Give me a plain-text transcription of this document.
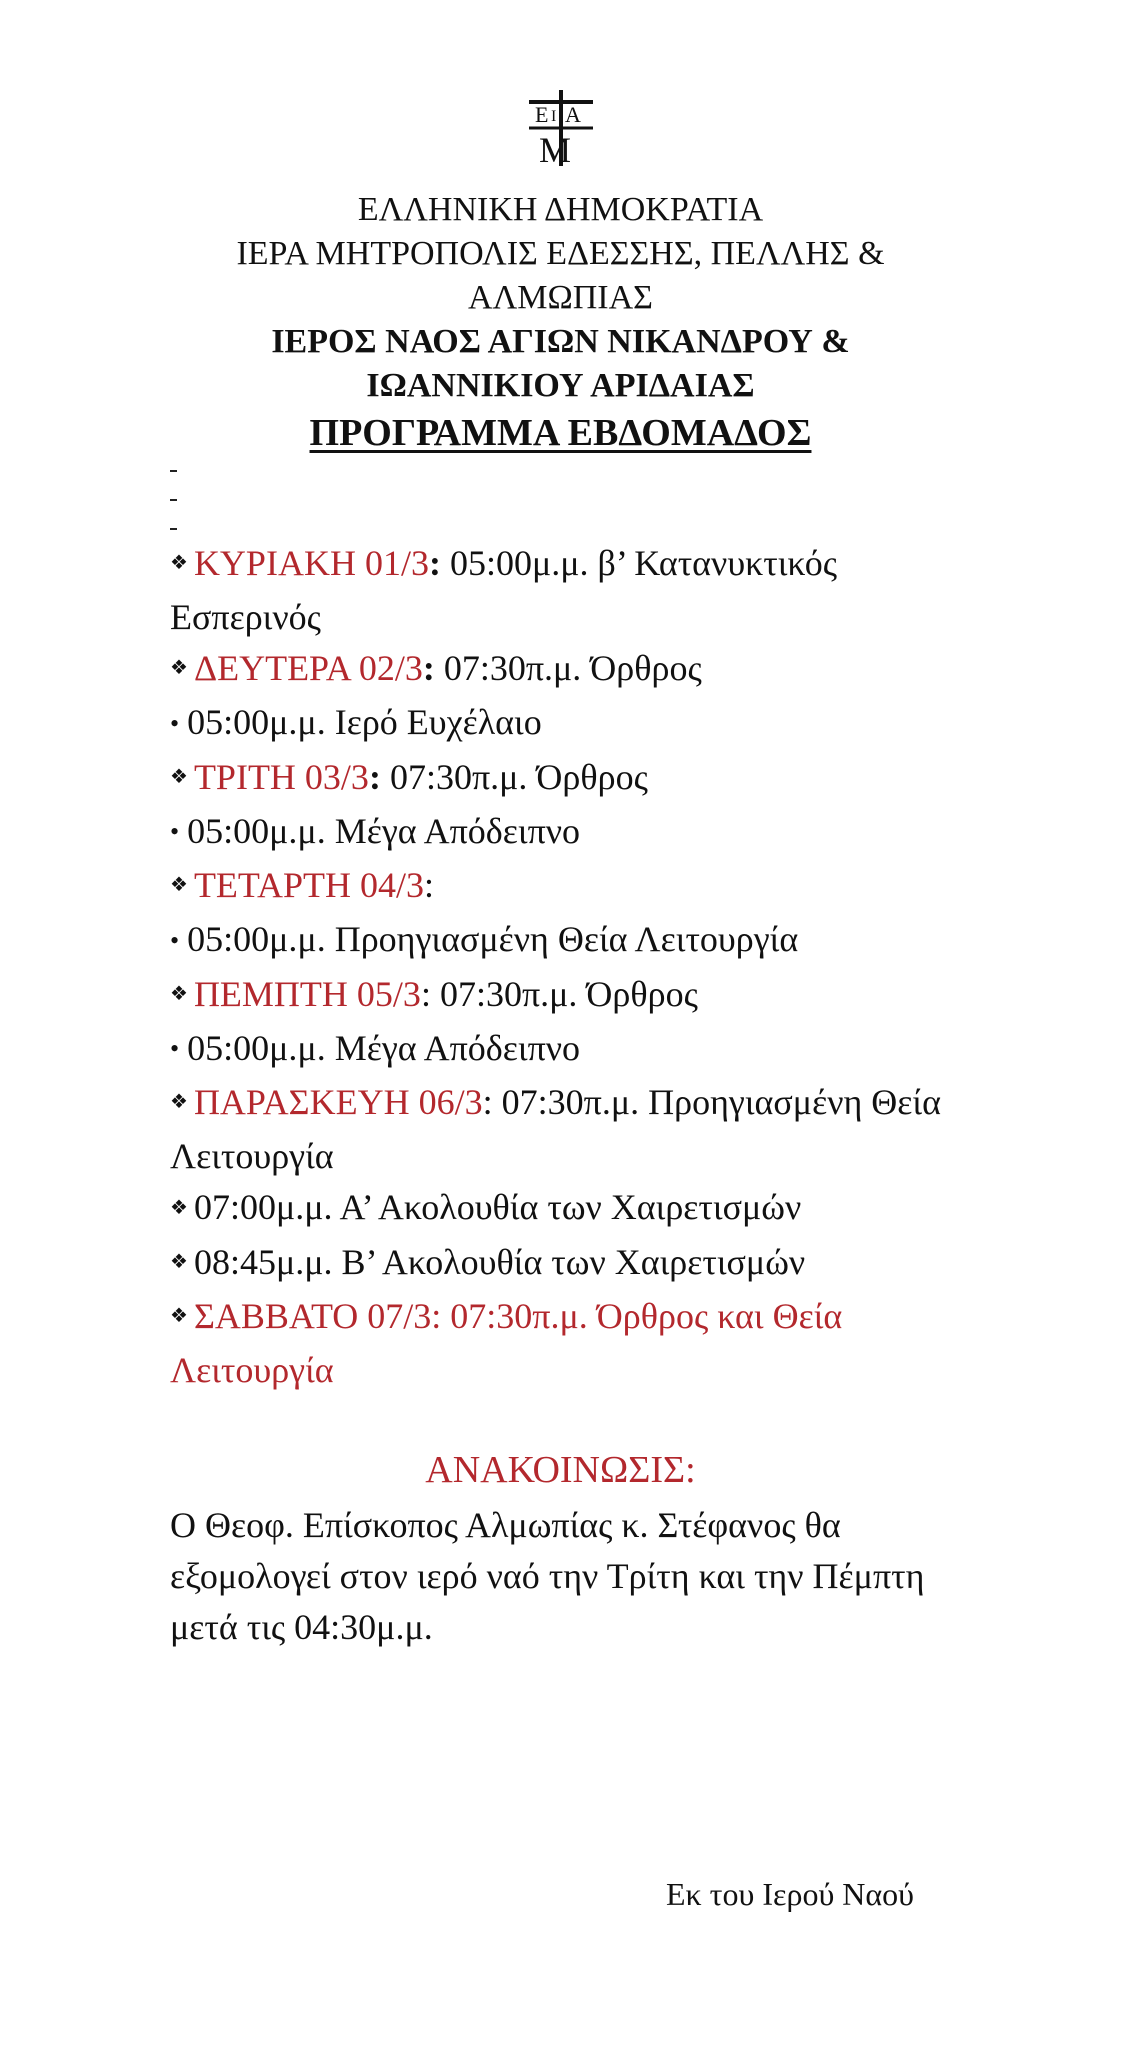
Ε Α
Ι
Μ
ΕΛΛΗΝΙΚΗ ΔΗΜΟΚΡΑΤΙΑ
ΙΕΡΑ ΜΗΤΡΟΠΟΛΙΣ ΕΔΕΣΣΗΣ, ΠΕΛΛΗΣ &
ΑΛΜΩΠΙΑΣ
ΙΕΡΟΣ ΝΑΟΣ ΑΓΙΩΝ ΝΙΚΑΝΔΡΟΥ &
ΙΩΑΝΝΙΚΙΟΥ ΑΡΙΔΑΙΑΣ
ΠΡΟΓΡΑΜΜΑ ΕΒΔΟΜΑΔΟΣ
❖ ΚΥΡΙΑΚΗ 01/3: 05:00μ.μ. β’ Κατανυκτικός Εσπερινός
❖ ΔΕΥΤΕΡΑ 02/3: 07:30π.μ. Όρθρος
• 05:00μ.μ. Ιερό Ευχέλαιο
❖ ΤΡΙΤΗ 03/3: 07:30π.μ. Όρθρος
• 05:00μ.μ. Μέγα Απόδειπνο
❖ ΤΕΤΑΡΤΗ 04/3:
• 05:00μ.μ. Προηγιασμένη Θεία Λειτουργία
❖ ΠΕΜΠΤΗ 05/3: 07:30π.μ. Όρθρος
• 05:00μ.μ. Μέγα Απόδειπνο
❖ ΠΑΡΑΣΚΕΥΗ 06/3: 07:30π.μ. Προηγιασμένη Θεία Λειτουργία
❖ 07:00μ.μ. Α’ Ακολουθία των Χαιρετισμών
❖ 08:45μ.μ. Β’ Ακολουθία των Χαιρετισμών
❖ ΣΑΒΒΑΤΟ 07/3: 07:30π.μ. Όρθρος και Θεία Λειτουργία
ΑΝΑΚΟΙΝΩΣΙΣ:
Ο Θεοφ. Επίσκοπος Αλμωπίας κ. Στέφανος θα εξομολογεί στον ιερό ναό την Τρίτη και την Πέμπτη μετά τις 04:30μ.μ.
Εκ του Ιερού Ναού
